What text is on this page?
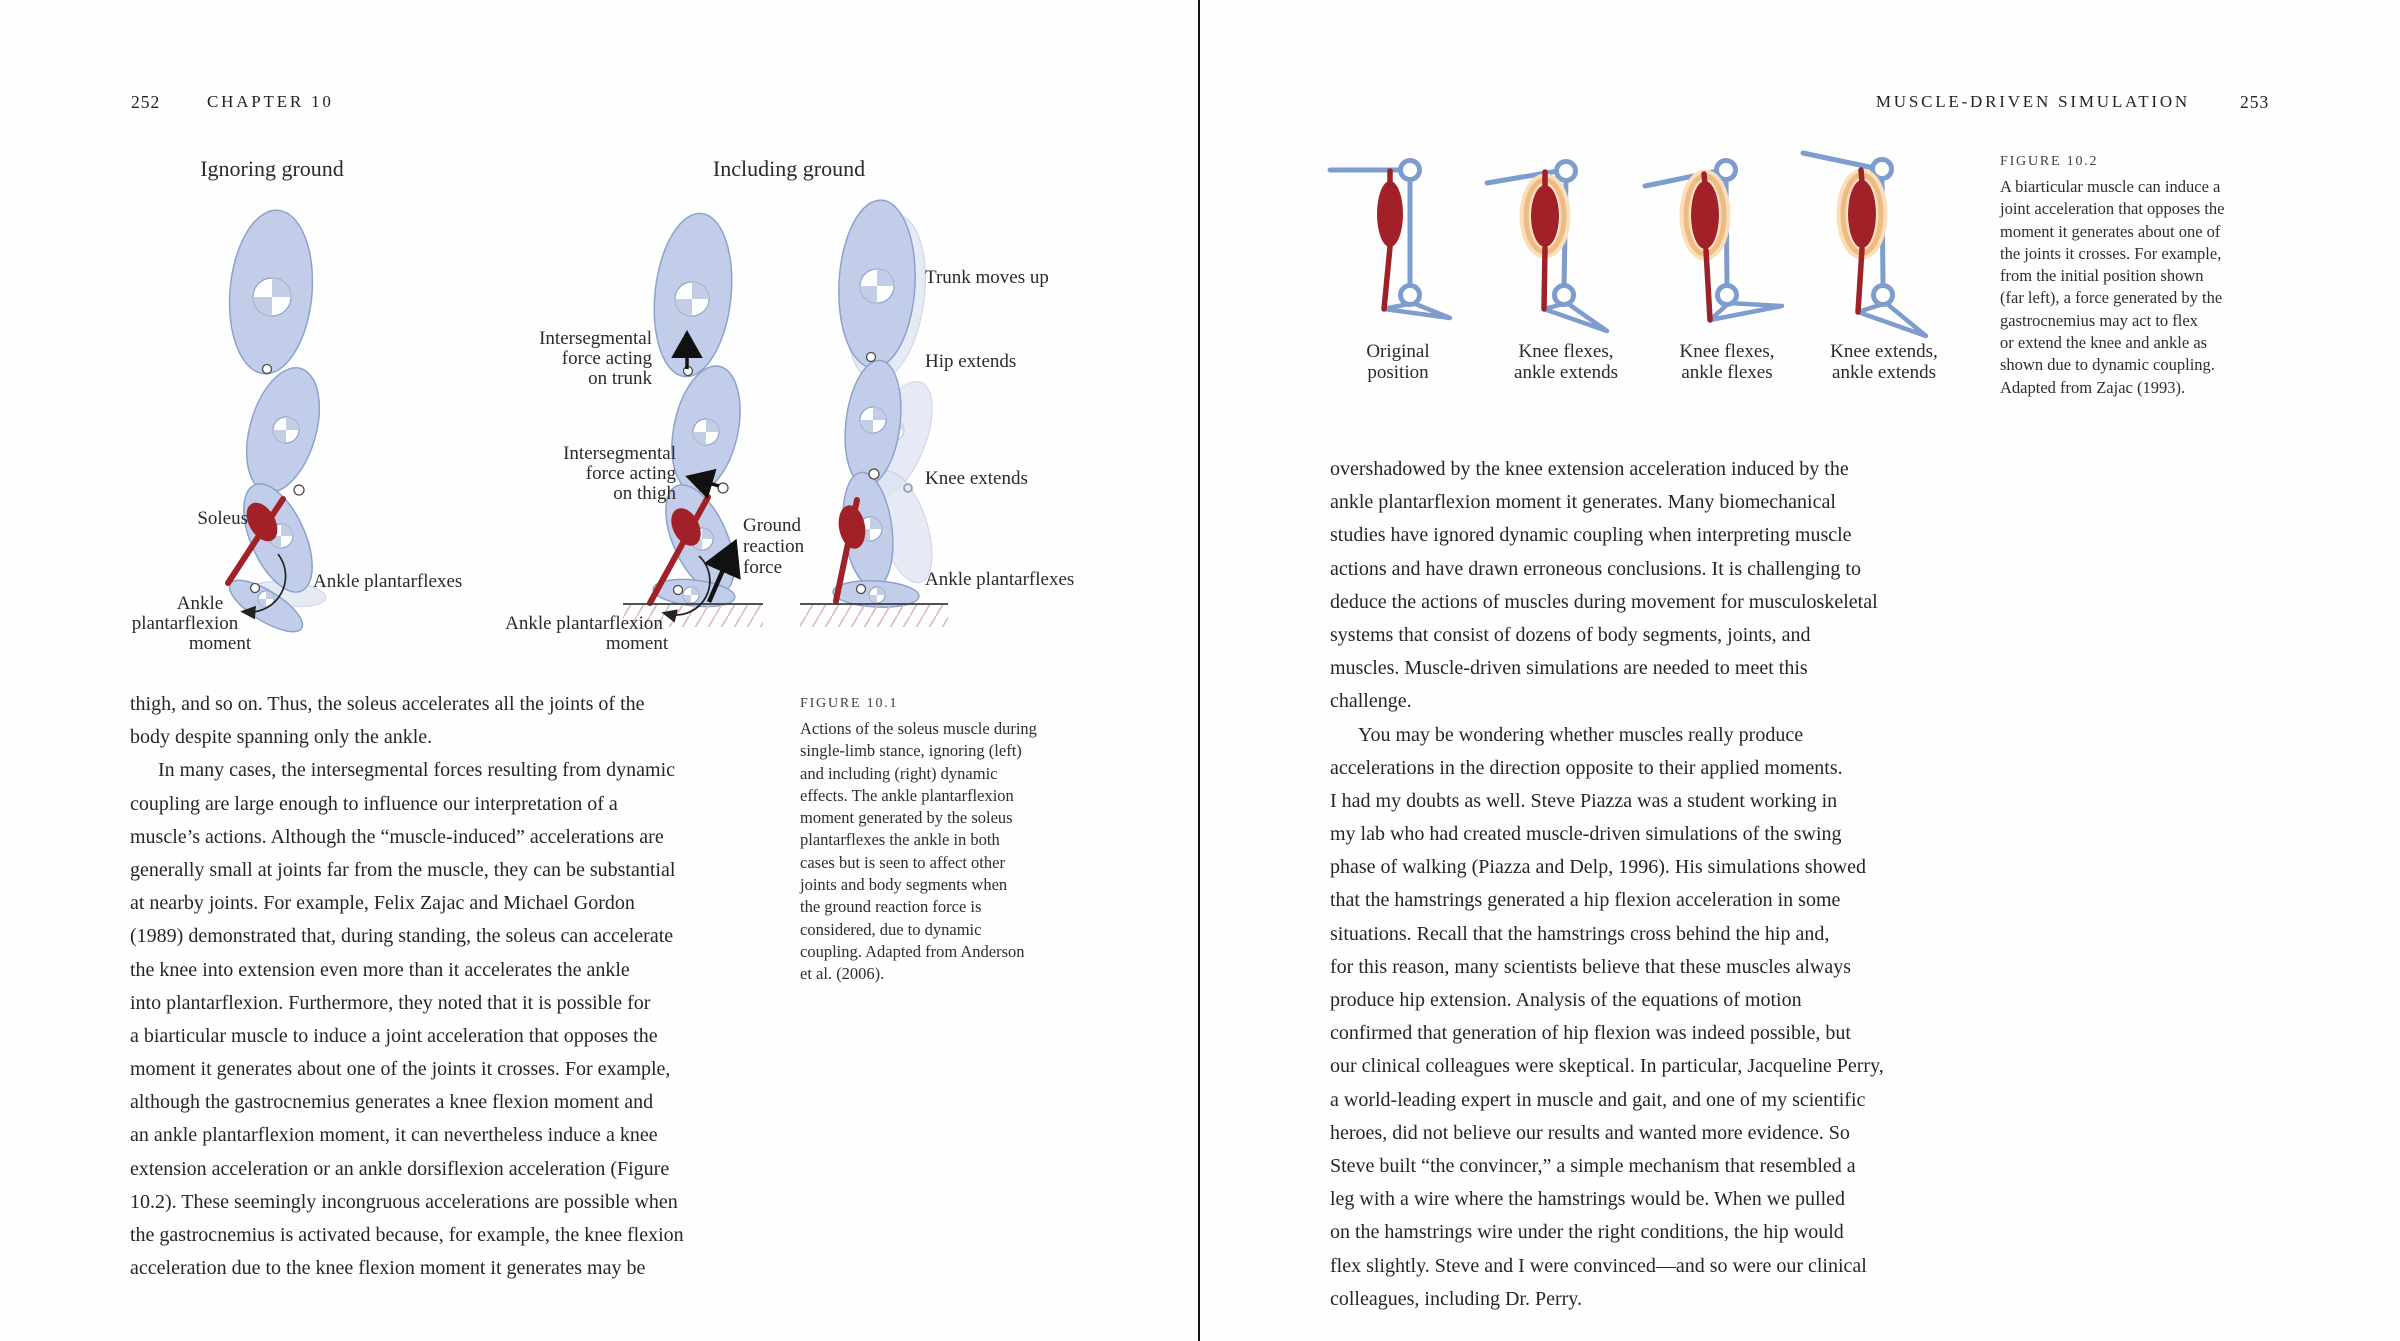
252	CHAPTER 10	MUSCLE-DRIVEN SIMULATION	253
Ignoring ground	Including ground
Soleus
Ankle plantarflexes
Ankle
plantarflexion
moment
Intersegmental
force acting
on trunk
Intersegmental
force acting
on thigh
Ground
reaction
force
Ankle plantarflexion
moment
Trunk moves up
Hip extends
Knee extends
Ankle plantarflexes
thigh, and so on. Thus, the soleus accelerates all the joints of the
body despite spanning only the ankle.
In many cases, the intersegmental forces resulting from dynamic
coupling are large enough to influence our interpretation of a
muscle’s actions. Although the “muscle-induced” accelerations are
generally small at joints far from the muscle, they can be substantial
at nearby joints. For example, Felix Zajac and Michael Gordon
(1989) demonstrated that, during standing, the soleus can accelerate
the knee into extension even more than it accelerates the ankle
into plantarflexion. Furthermore, they noted that it is possible for
a biarticular muscle to induce a joint acceleration that opposes the
moment it generates about one of the joints it crosses. For example,
although the gastrocnemius generates a knee flexion moment and
an ankle plantarflexion moment, it can nevertheless induce a knee
extension acceleration or an ankle dorsiflexion acceleration (Figure
10.2). These seemingly incongruous accelerations are possible when
the gastrocnemius is activated because, for example, the knee flexion
acceleration due to the knee flexion moment it generates may be
FIGURE 10.1
Actions of the soleus muscle during
single-limb stance, ignoring (left)
and including (right) dynamic
effects. The ankle plantarflexion
moment generated by the soleus
plantarflexes the ankle in both
cases but is seen to affect other
joints and body segments when
the ground reaction force is
considered, due to dynamic
coupling. Adapted from Anderson
et al. (2006).
Original
position
Knee flexes,
ankle extends
Knee flexes,
ankle flexes
Knee extends,
ankle extends
FIGURE 10.2
A biarticular muscle can induce a
joint acceleration that opposes the
moment it generates about one of
the joints it crosses. For example,
from the initial position shown
(far left), a force generated by the
gastrocnemius may act to flex
or extend the knee and ankle as
shown due to dynamic coupling.
Adapted from Zajac (1993).
overshadowed by the knee extension acceleration induced by the
ankle plantarflexion moment it generates. Many biomechanical
studies have ignored dynamic coupling when interpreting muscle
actions and have drawn erroneous conclusions. It is challenging to
deduce the actions of muscles during movement for musculoskeletal
systems that consist of dozens of body segments, joints, and
muscles. Muscle-driven simulations are needed to meet this
challenge.
You may be wondering whether muscles really produce
accelerations in the direction opposite to their applied moments.
I had my doubts as well. Steve Piazza was a student working in
my lab who had created muscle-driven simulations of the swing
phase of walking (Piazza and Delp, 1996). His simulations showed
that the hamstrings generated a hip flexion acceleration in some
situations. Recall that the hamstrings cross behind the hip and,
for this reason, many scientists believe that these muscles always
produce hip extension. Analysis of the equations of motion
confirmed that generation of hip flexion was indeed possible, but
our clinical colleagues were skeptical. In particular, Jacqueline Perry,
a world-leading expert in muscle and gait, and one of my scientific
heroes, did not believe our results and wanted more evidence. So
Steve built “the convincer,” a simple mechanism that resembled a
leg with a wire where the hamstrings would be. When we pulled
on the hamstrings wire under the right conditions, the hip would
flex slightly. Steve and I were convinced—and so were our clinical
colleagues, including Dr. Perry.
